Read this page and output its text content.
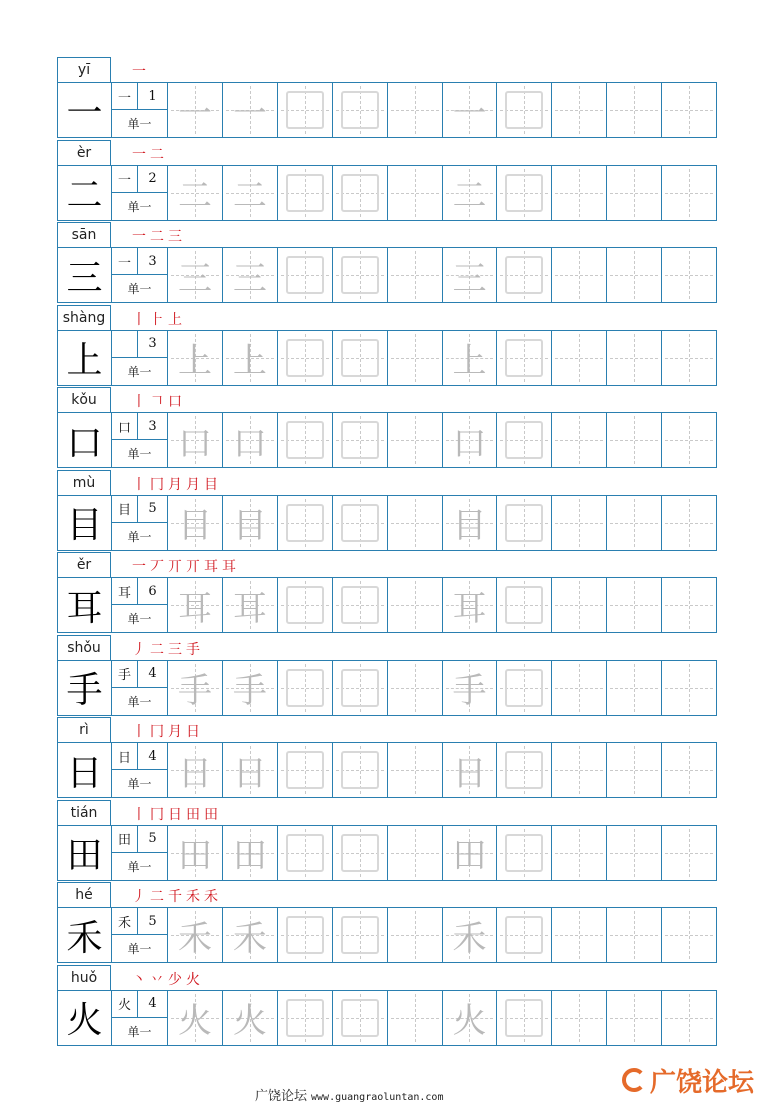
yī	一
一	一	1
单一 一 一	一
èr	一 二
二	一	2
单一 二 二	二
sān	一 二 三
三	一	3
单一 三 三	三
shàng	丨 ⺊ 上
上	3
单一 上 上	上
kǒu	丨 𠃍 口
口	口	3
单一 口 口	口
mù	丨 冂 月 月 目
目	目	5
单一 目 目	目
ěr	一 丆 丌 丌 耳 耳
耳	耳	6
单一 耳 耳	耳
shǒu	丿 二 三 手
手	手	4
单一 手 手	手
rì	丨 冂 月 日
日	日	4
单一 日 日	日
tián	丨 冂 日 田 田
田	田	5
单一 田 田	田
hé	丿 二 千 禾 禾
禾	禾	5
单一 禾 禾	禾
huǒ	丶 丷 少 火
火	火	4
单一 火 火	火
广饶论坛 www.guangraoluntan.com	广饶论坛
